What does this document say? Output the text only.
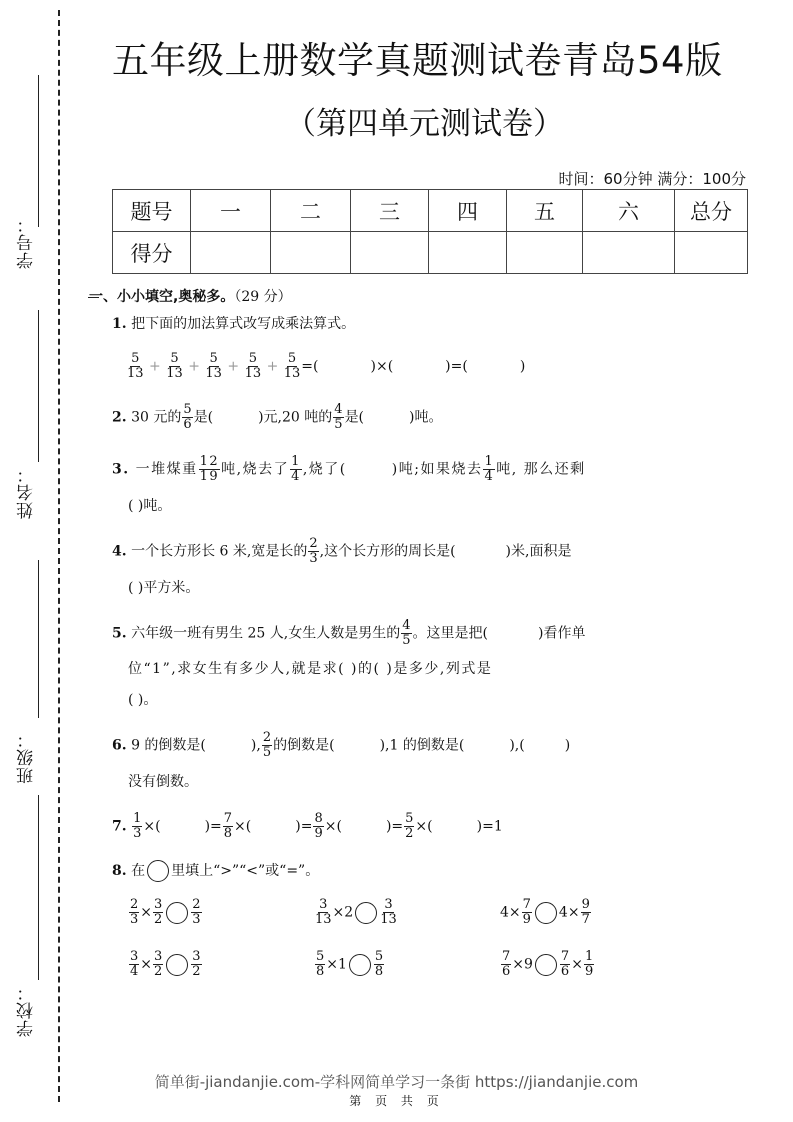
学号：
姓名：
班级：
学校：
五年级上册数学真题测试卷青岛54版
（第四单元测试卷）
时间：60分钟 满分：100分
题号	一	二	三	四	五	六	总分
得分							
一、小小填空,奥秘多。（29 分）
1. 把下面的加法算式改写成乘法算式。
$\frac{5}{13} + \frac{5}{13} + \frac{5}{13} + \frac{5}{13} + \frac{5}{13}$ =(	)×(	)=(	)
2. 30 元的 $\frac{5}{6}$ 是(	)元,20 吨的 $\frac{4}{5}$ 是(	)吨。
3. 一堆煤重 $\frac{12}{19}$ 吨,烧去了 $\frac{1}{4}$ ,烧了(	)吨;如果烧去 $\frac{1}{4}$ 吨, 那么还剩
( )吨。
4. 一个长方形长 6 米,宽是长的 $\frac{2}{3}$ ,这个长方形的周长是(	)米,面积是
( )平方米。
5. 六年级一班有男生 25 人,女生人数是男生的 $\frac{4}{5}$ 。这里是把(	)看作单
位“1”,求女生有多少人,就是求( )的( )是多少,列式是
( )。
6. 9 的倒数是(	), $\frac{2}{5}$ 的倒数是(	),1 的倒数是(	),(	)
没有倒数。
7. $\frac{1}{3}$ ×(	)= $\frac{7}{8}$ ×(	)= $\frac{8}{9}$ ×(	)= $\frac{5}{2}$ ×(	)=1
8. 在 里填上“>”“<”或“=”。
$\frac{2}{3} \times \frac{3}{2} \frac{2}{3}$	$\frac{3}{13} \times 2 \frac{3}{13}$	$4\times \frac{7}{9} 4\times \frac{9}{7}$
$\frac{3}{4} \times \frac{3}{2} \frac{3}{2}$	$\frac{5}{8} \times 1 \frac{5}{8}$	$\frac{7}{6} \times 9 \frac{7}{6} \times \frac{1}{9}$
简单街-jiandanjie.com-学科网简单学习一条街 https://jiandanjie.com
第 页 共 页
